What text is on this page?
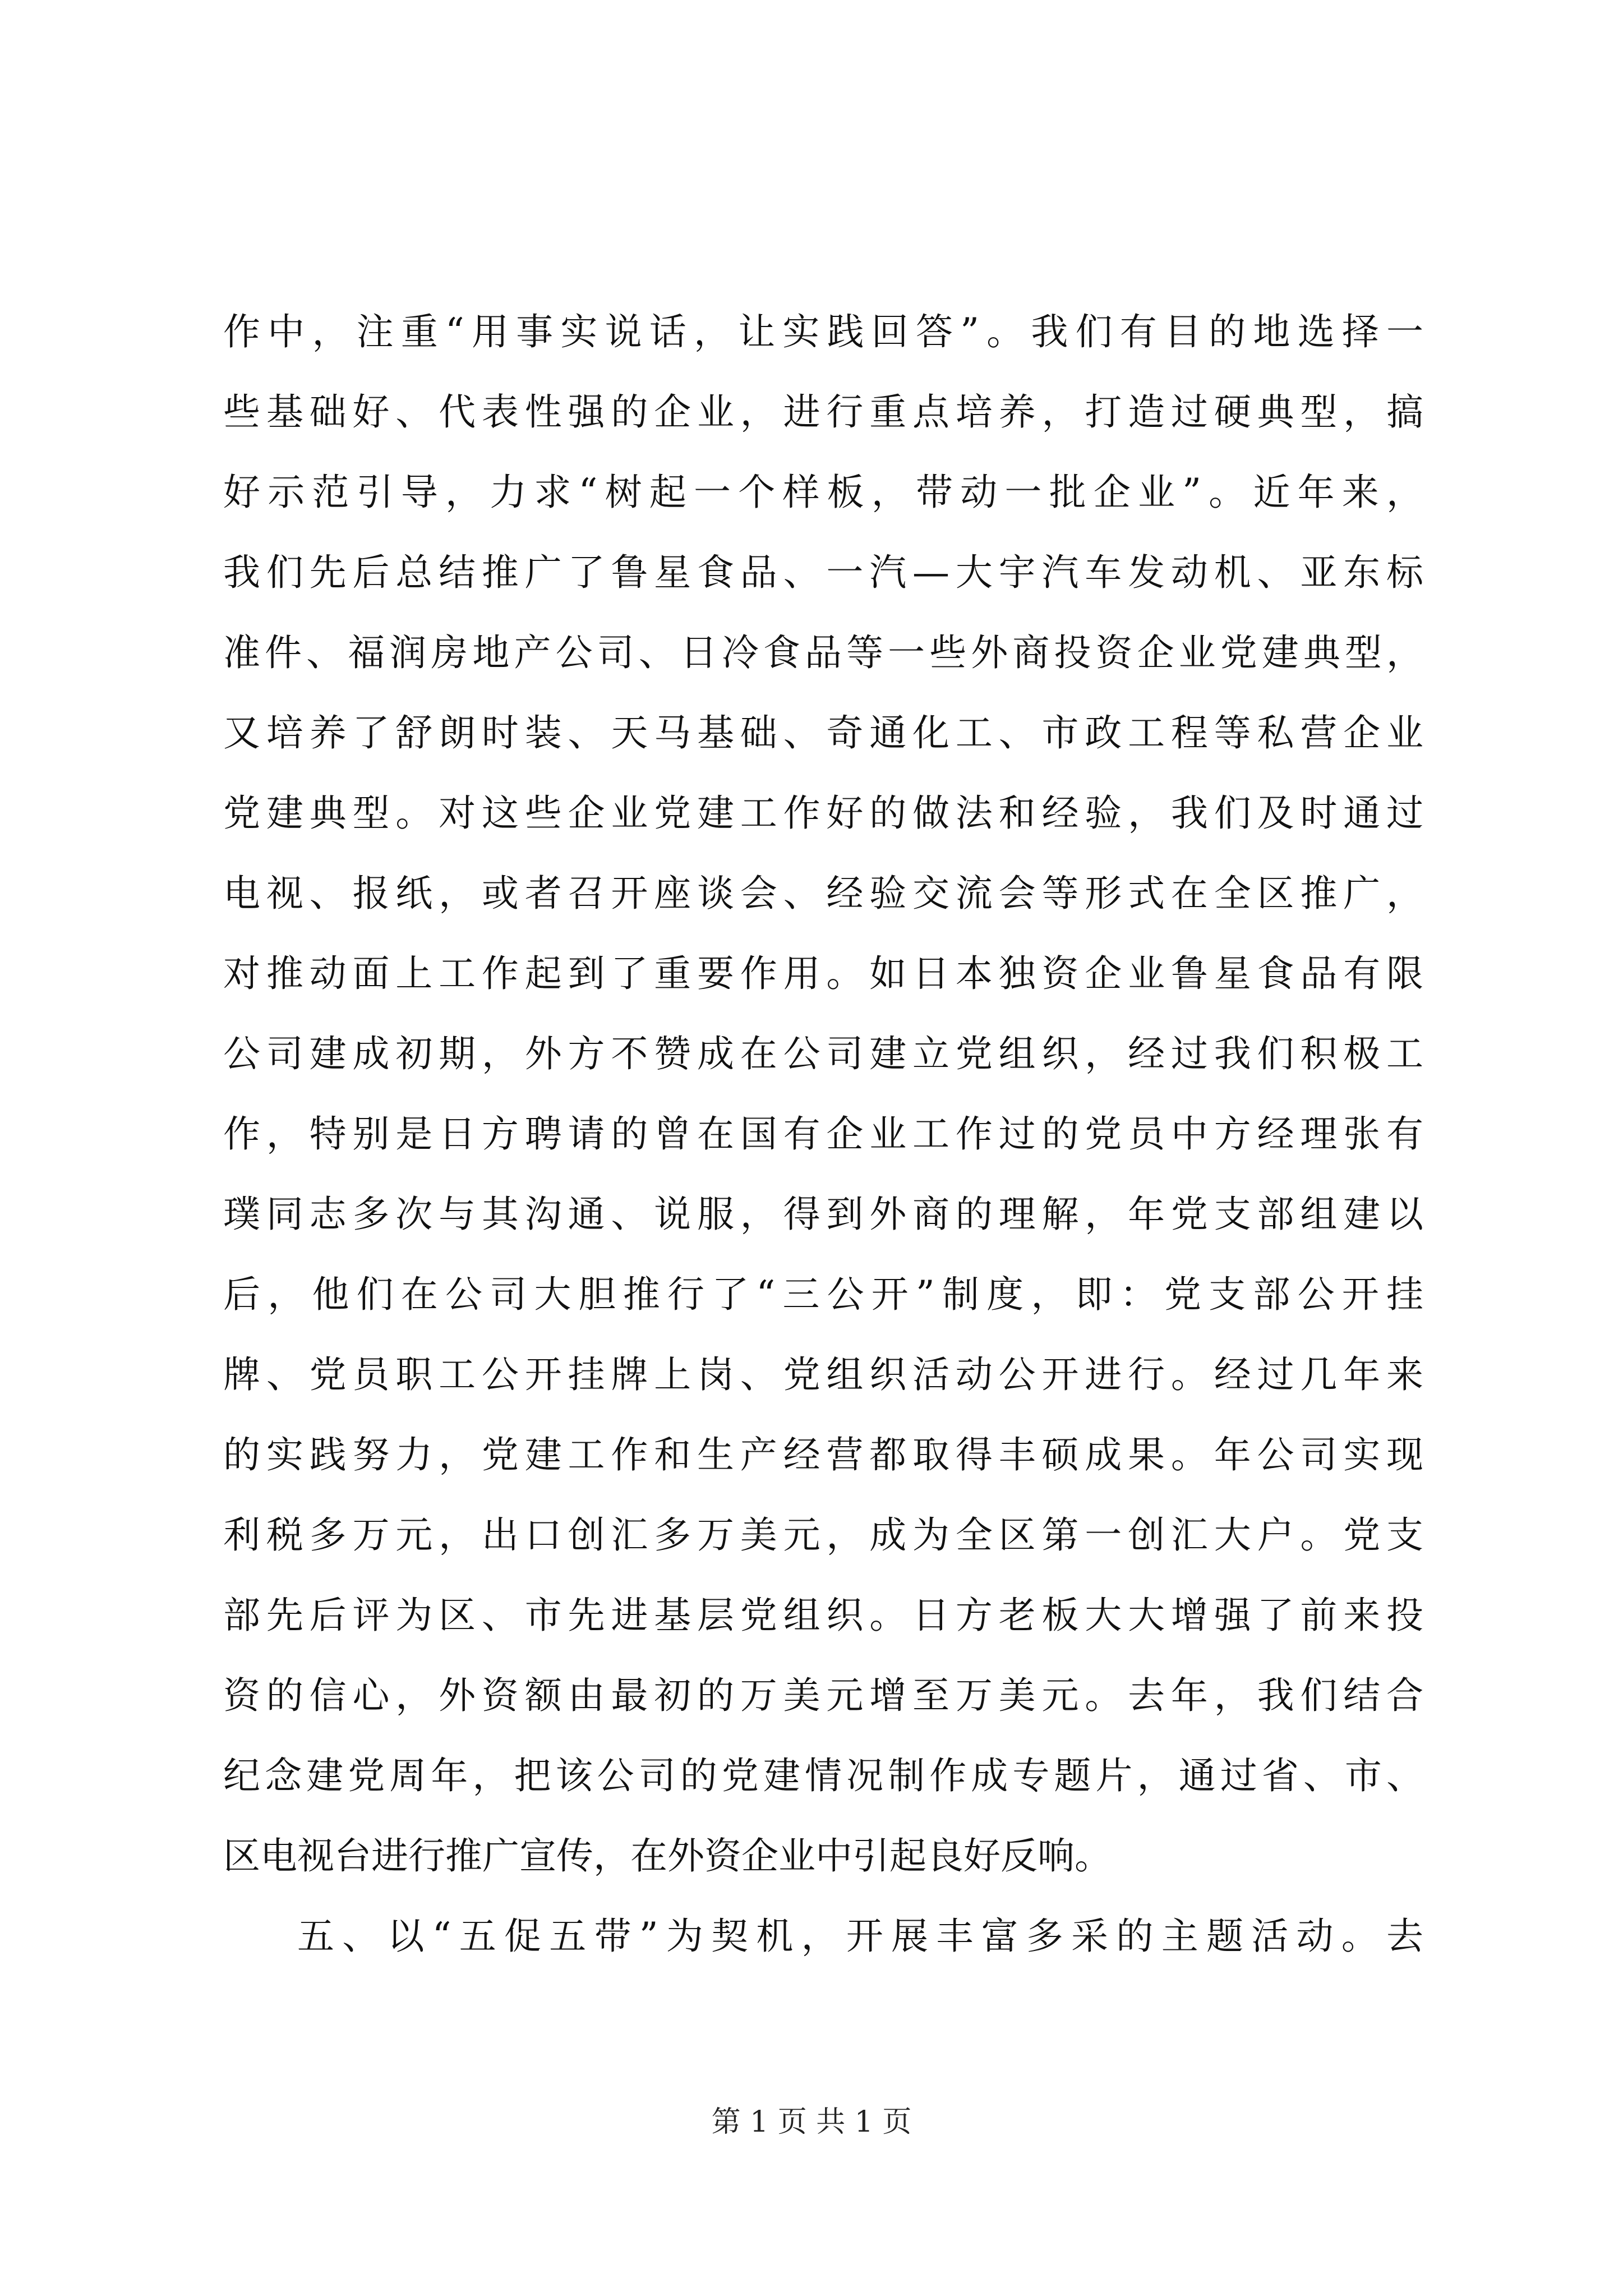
作中，注重“用事实说话，让实践回答”。我们有目的地选择一
些基础好、代表性强的企业，进行重点培养，打造过硬典型，搞
好示范引导，力求“树起一个样板，带动一批企业”。近年来，
我们先后总结推广了鲁星食品、一汽—大宇汽车发动机、亚东标
准件、福润房地产公司、日冷食品等一些外商投资企业党建典型，
又培养了舒朗时装、天马基础、奇通化工、市政工程等私营企业
党建典型。对这些企业党建工作好的做法和经验，我们及时通过
电视、报纸，或者召开座谈会、经验交流会等形式在全区推广，
对推动面上工作起到了重要作用。如日本独资企业鲁星食品有限
公司建成初期，外方不赞成在公司建立党组织，经过我们积极工
作，特别是日方聘请的曾在国有企业工作过的党员中方经理张有
璞同志多次与其沟通、说服，得到外商的理解，年党支部组建以
后，他们在公司大胆推行了“三公开”制度，即：党支部公开挂
牌、党员职工公开挂牌上岗、党组织活动公开进行。经过几年来
的实践努力，党建工作和生产经营都取得丰硕成果。年公司实现
利税多万元，出口创汇多万美元，成为全区第一创汇大户。党支
部先后评为区、市先进基层党组织。日方老板大大增强了前来投
资的信心，外资额由最初的万美元增至万美元。去年，我们结合
纪念建党周年，把该公司的党建情况制作成专题片，通过省、市、
区电视台进行推广宣传，在外资企业中引起良好反响。
五、以“五促五带”为契机，开展丰富多采的主题活动。去
第 1 页 共 1 页
